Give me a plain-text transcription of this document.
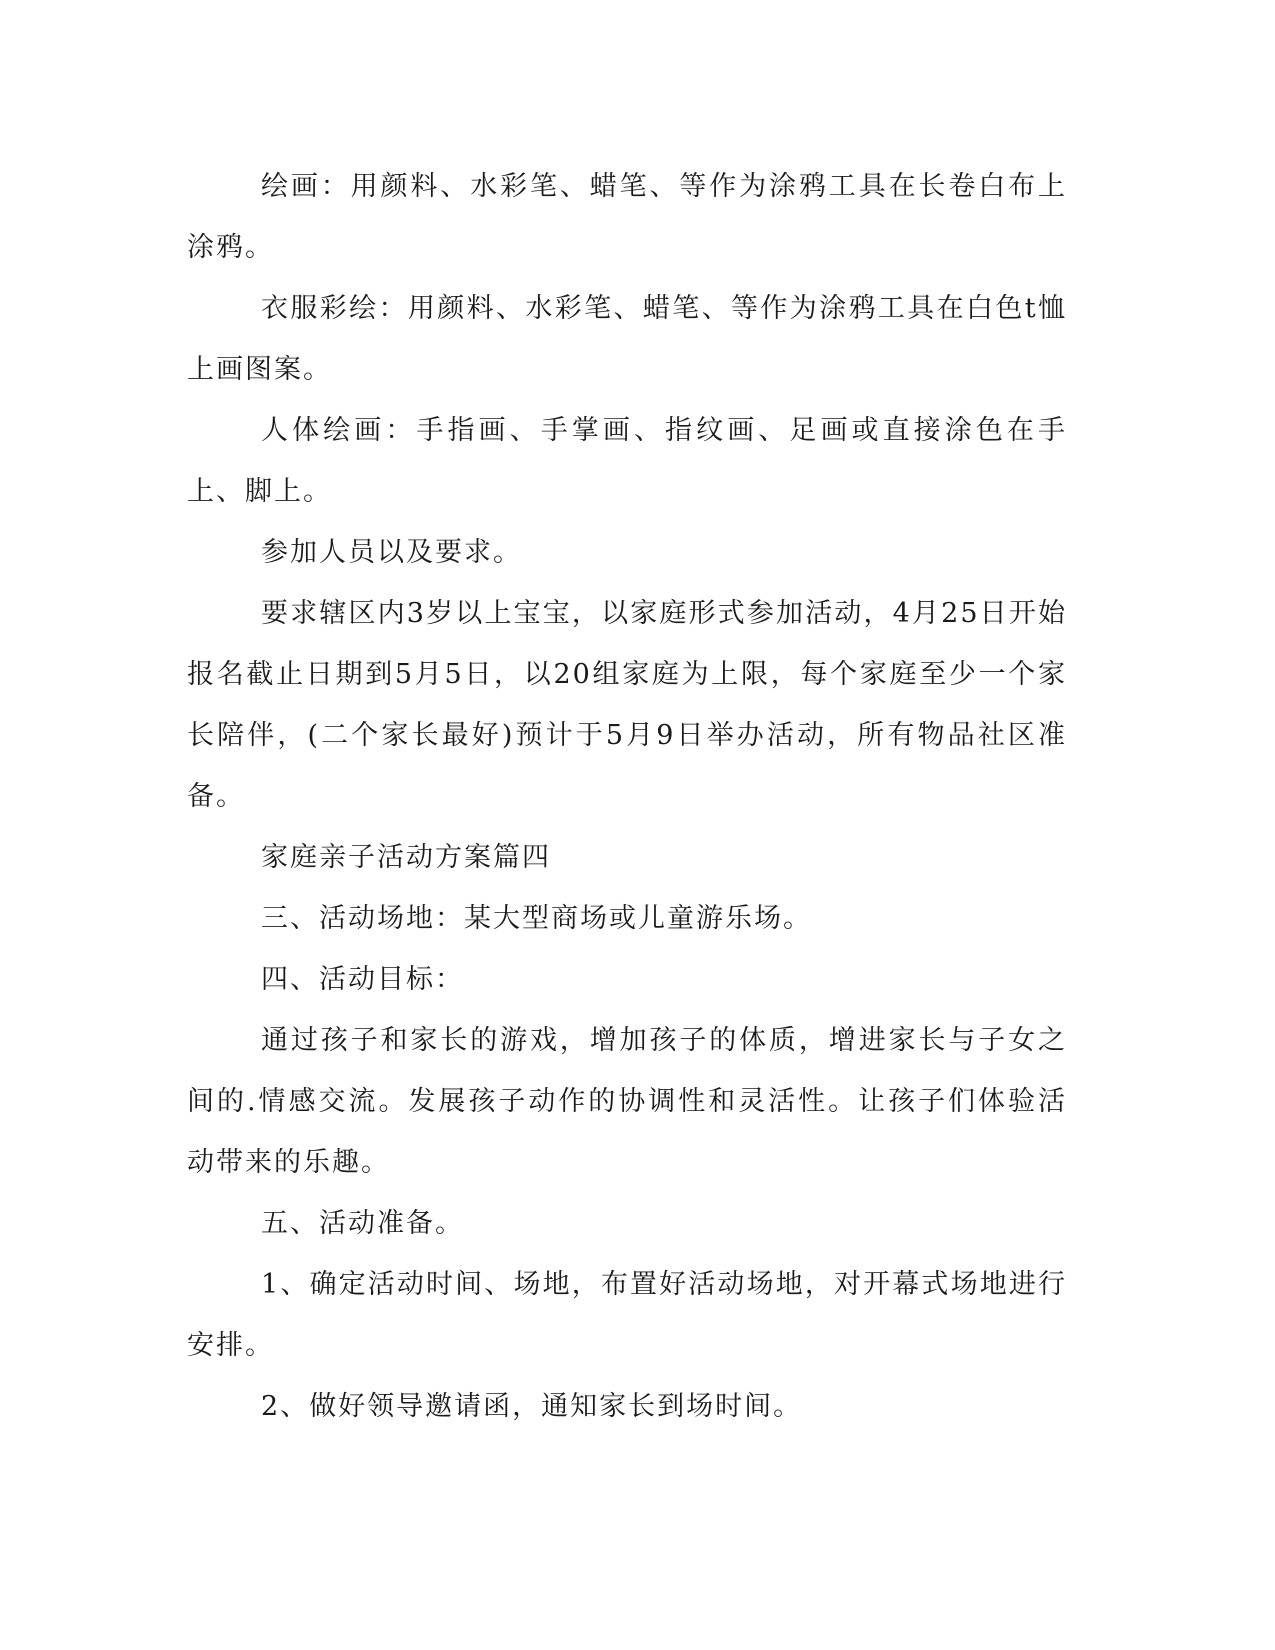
绘画：用颜料、水彩笔、蜡笔、等作为涂鸦工具在长卷白布上涂鸦。

衣服彩绘：用颜料、水彩笔、蜡笔、等作为涂鸦工具在白色t恤上画图案。

人体绘画：手指画、手掌画、指纹画、足画或直接涂色在手上、脚上。

参加人员以及要求。

要求辖区内3岁以上宝宝，以家庭形式参加活动，4月25日开始报名截止日期到5月5日，以20组家庭为上限，每个家庭至少一个家长陪伴，(二个家长最好)预计于5月9日举办活动，所有物品社区准备。

家庭亲子活动方案篇四

三、活动场地：某大型商场或儿童游乐场。

四、活动目标：

通过孩子和家长的游戏，增加孩子的体质，增进家长与子女之间的.情感交流。发展孩子动作的协调性和灵活性。让孩子们体验活动带来的乐趣。

五、活动准备。

1、确定活动时间、场地，布置好活动场地，对开幕式场地进行安排。

2、做好领导邀请函，通知家长到场时间。
